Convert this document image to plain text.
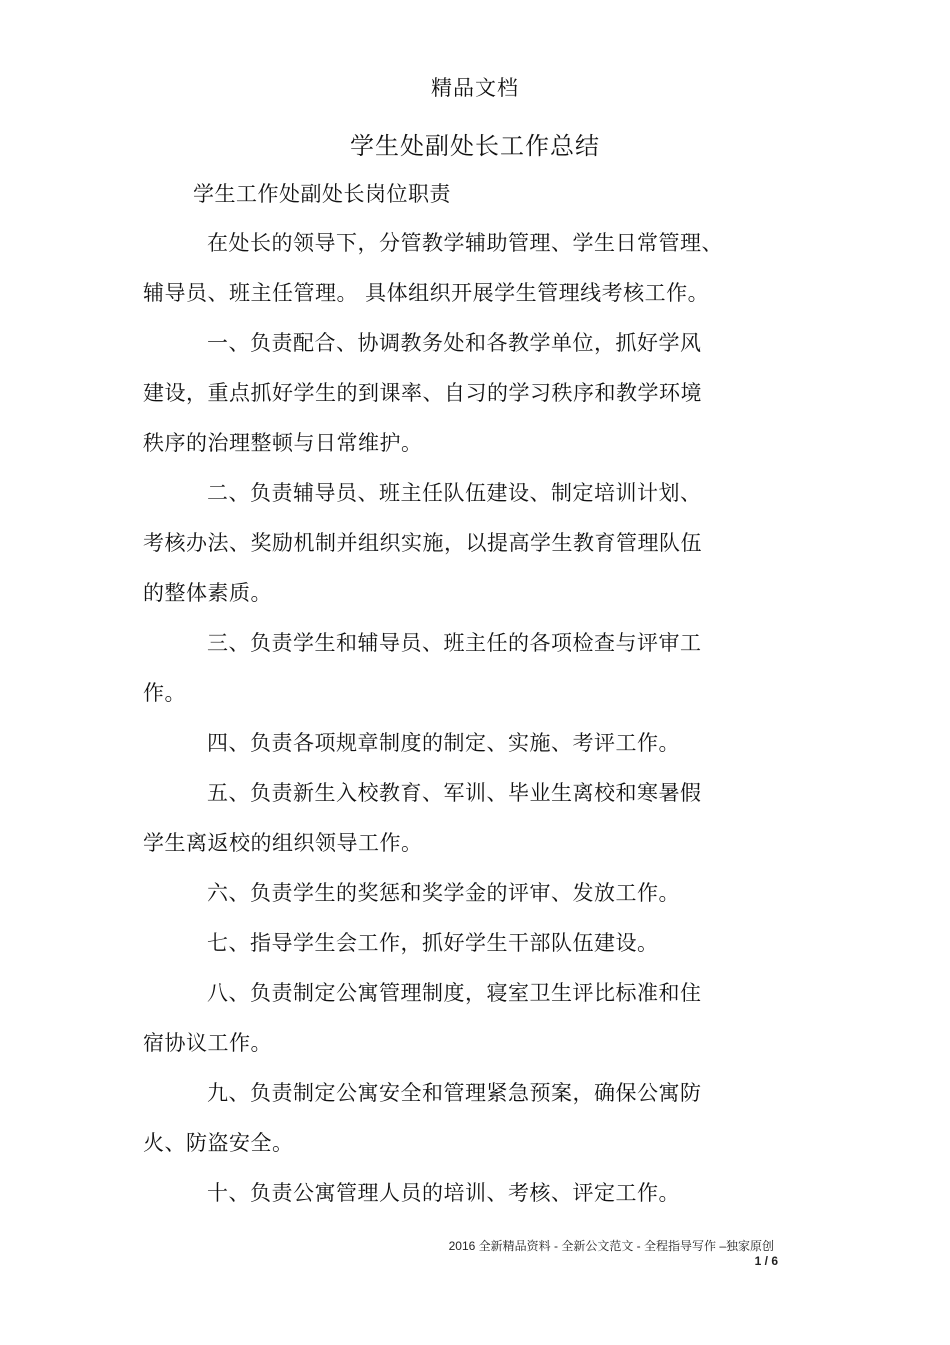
精品文档
学生处副处长工作总结
学生工作处副处长岗位职责
在处长的领导下，分管教学辅助管理、学生日常管理、
辅导员、班主任管理。 具体组织开展学生管理线考核工作。
一、负责配合、协调教务处和各教学单位，抓好学风
建设，重点抓好学生的到课率、自习的学习秩序和教学环境
秩序的治理整顿与日常维护。
二、负责辅导员、班主任队伍建设、制定培训计划、
考核办法、奖励机制并组织实施，以提高学生教育管理队伍
的整体素质。
三、负责学生和辅导员、班主任的各项检查与评审工
作。
四、负责各项规章制度的制定、实施、考评工作。
五、负责新生入校教育、军训、毕业生离校和寒暑假
学生离返校的组织领导工作。
六、负责学生的奖惩和奖学金的评审、发放工作。
七、指导学生会工作，抓好学生干部队伍建设。
八、负责制定公寓管理制度，寝室卫生评比标准和住
宿协议工作。
九、负责制定公寓安全和管理紧急预案，确保公寓防
火、防盗安全。
十、负责公寓管理人员的培训、考核、评定工作。
2016 全新精品资料 - 全新公文范文 - 全程指导写作 –独家原创
1 / 6
